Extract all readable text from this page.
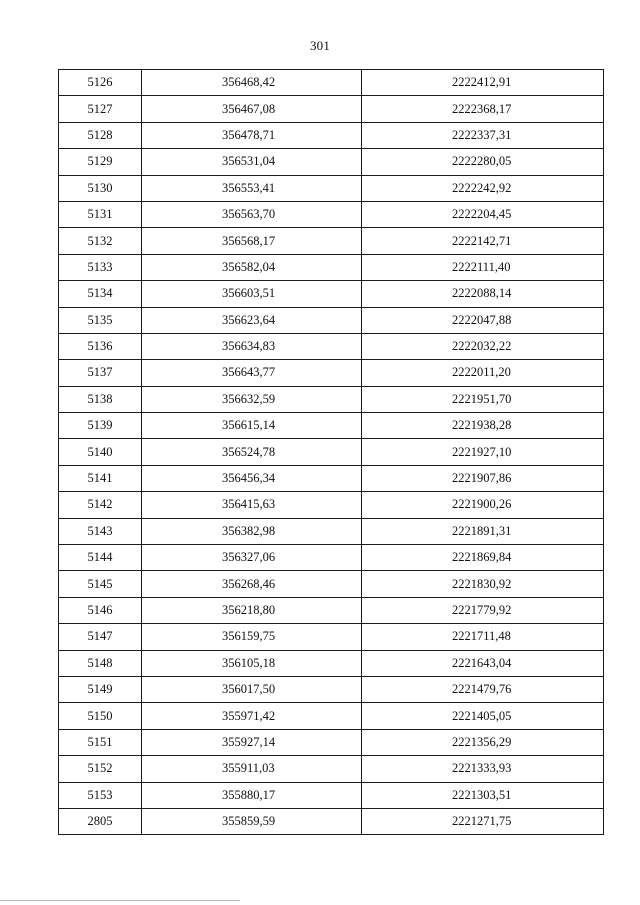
301
5126	356468,42	2222412,91
5127	356467,08	2222368,17
5128	356478,71	2222337,31
5129	356531,04	2222280,05
5130	356553,41	2222242,92
5131	356563,70	2222204,45
5132	356568,17	2222142,71
5133	356582,04	2222111,40
5134	356603,51	2222088,14
5135	356623,64	2222047,88
5136	356634,83	2222032,22
5137	356643,77	2222011,20
5138	356632,59	2221951,70
5139	356615,14	2221938,28
5140	356524,78	2221927,10
5141	356456,34	2221907,86
5142	356415,63	2221900,26
5143	356382,98	2221891,31
5144	356327,06	2221869,84
5145	356268,46	2221830,92
5146	356218,80	2221779,92
5147	356159,75	2221711,48
5148	356105,18	2221643,04
5149	356017,50	2221479,76
5150	355971,42	2221405,05
5151	355927,14	2221356,29
5152	355911,03	2221333,93
5153	355880,17	2221303,51
2805	355859,59	2221271,75
